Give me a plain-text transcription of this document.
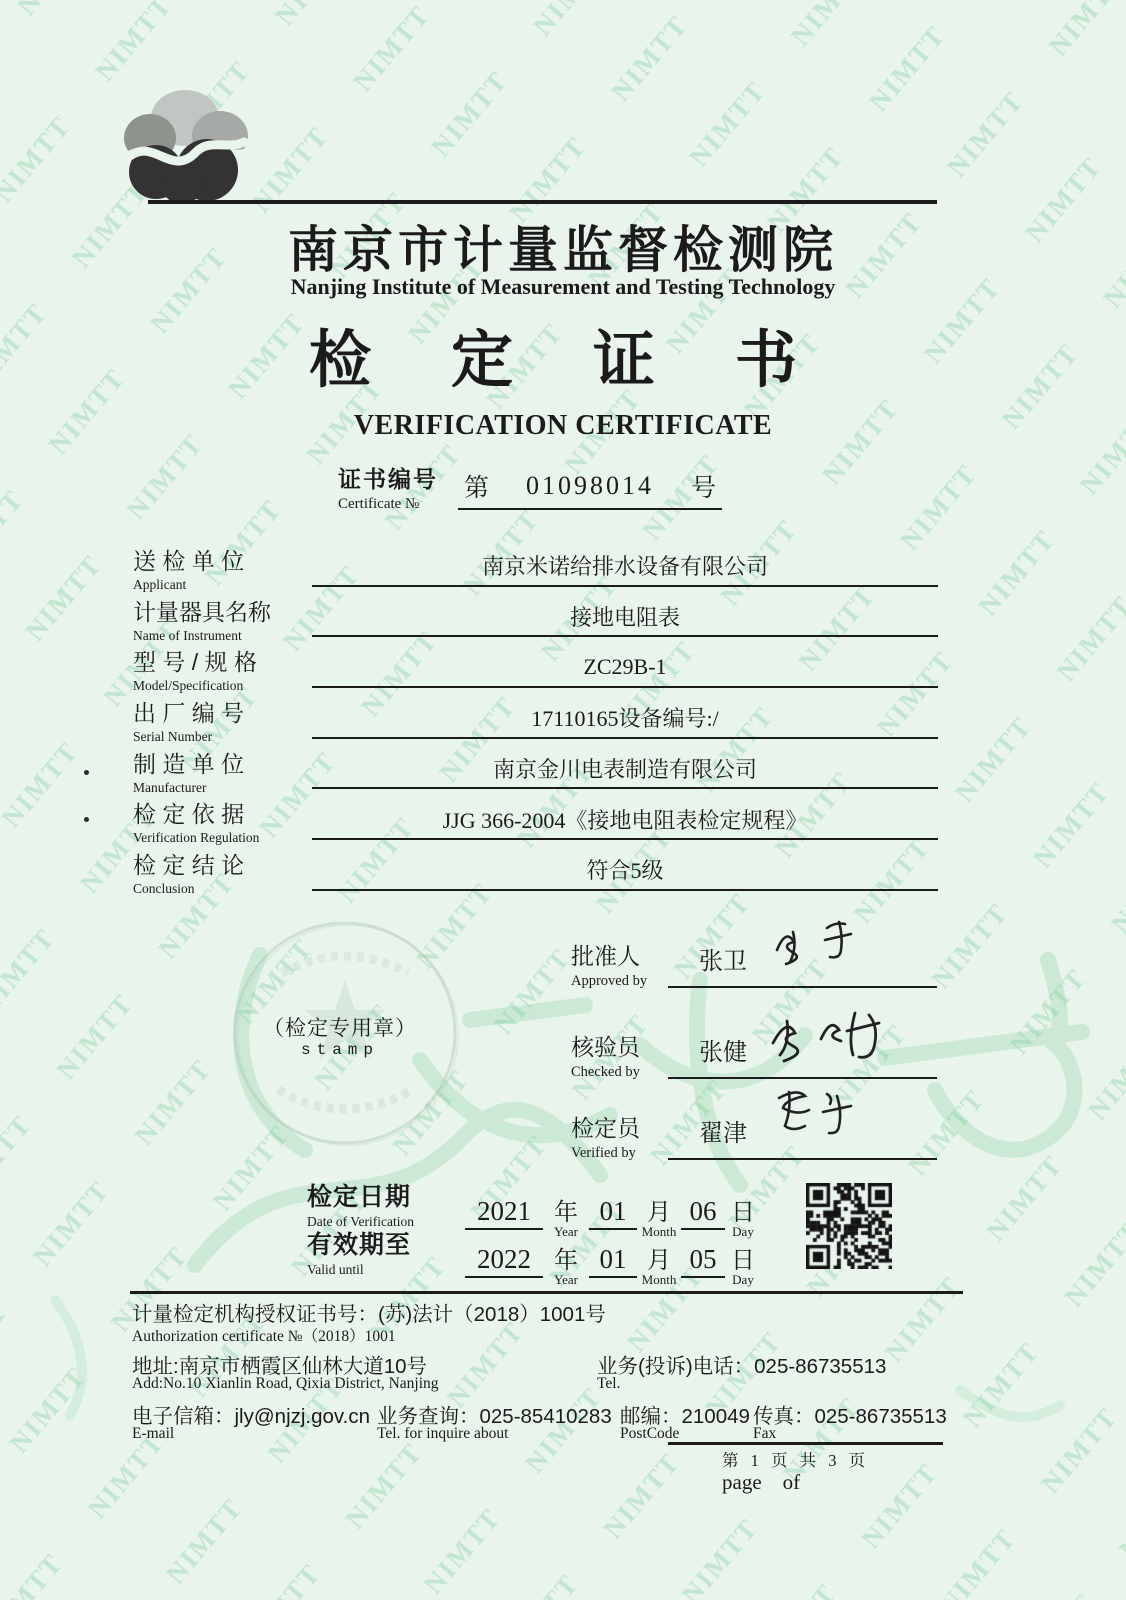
南京市计量监督检测院
Nanjing Institute of Measurement and Testing Technology
检定证书
VERIFICATION CERTIFICATE
证书编号
Certificate №
第 01098014 号
送 检 单 位
Applicant
南京米诺给排水设备有限公司
计量器具名称
Name of Instrument
接地电阻表
型 号 / 规 格
Model/Specification
ZC29B-1
出 厂 编 号
Serial Number
17110165设备编号:/
制 造 单 位
Manufacturer
南京金川电表制造有限公司
检 定 依 据
Verification Regulation
JJG 366-2004《接地电阻表检定规程》
检 定 结 论
Conclusion
符合5级
（检定专用章）
stamp
批准人
Approved by
张卫
核验员
Checked by
张健
检定员
Verified by
翟津
检定日期
Date of Verification	2021 年
Year
01 月
Month
06 日
Day
有效期至
Valid until	2022 年
Year
01 月
Month
05 日
Day
计量检定机构授权证书号：(苏)法计（2018）1001号
Authorization certificate №（2018）1001
地址:南京市栖霞区仙林大道10号	业务(投诉)电话：025-86735513
Add:No.10 Xianlin Road, Qixia District, Nanjing	Tel.
电子信箱：jly@njzj.gov.cn 业务查询：025-85410283 邮编：210049 传真：025-86735513
E-mail	Tel. for inquire about	PostCode	Fax
第 1 页 共 3 页
page    of
